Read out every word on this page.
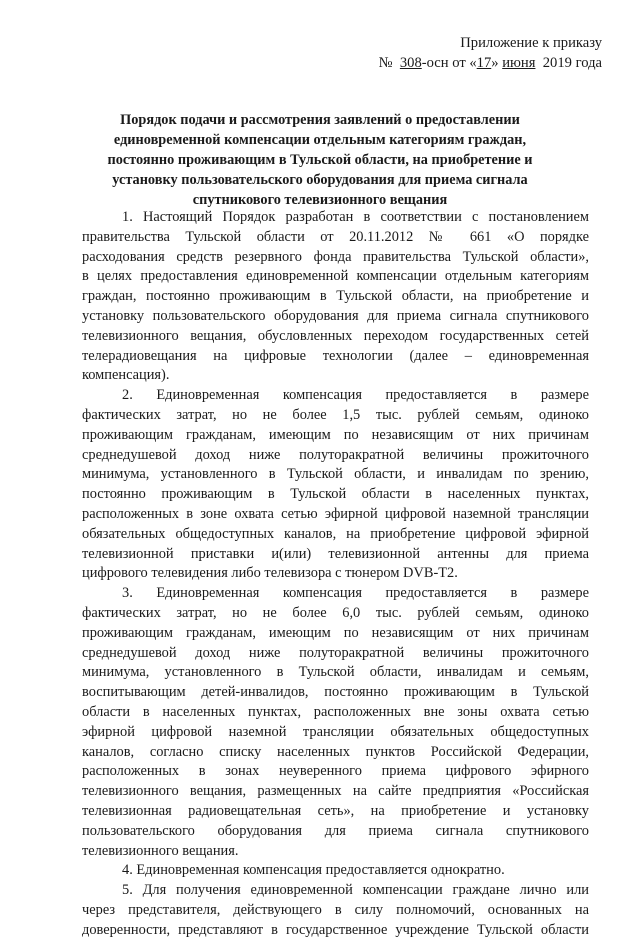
Приложение к приказу
№ 308-осн от «17» июня 2019 года
Порядок подачи и рассмотрения заявлений о предоставлении
единовременной компенсации отдельным категориям граждан,
постоянно проживающим в Тульской области, на приобретение и
установку пользовательского оборудования для приема сигнала
спутникового телевизионного вещания
1. Настоящий Порядок разработан в соответствии с постановлением
правительства Тульской области от 20.11.2012 № 661 «О порядке
расходования средств резервного фонда правительства Тульской области»,
в целях предоставления единовременной компенсации отдельным категориям
граждан, постоянно проживающим в Тульской области, на приобретение и
установку пользовательского оборудования для приема сигнала спутникового
телевизионного вещания, обусловленных переходом государственных сетей
телерадиовещания на цифровые технологии (далее – единовременная
компенсация).
2. Единовременная компенсация предоставляется в размере
фактических затрат, но не более 1,5 тыс. рублей семьям, одиноко
проживающим гражданам, имеющим по независящим от них причинам
среднедушевой доход ниже полуторакратной величины прожиточного
минимума, установленного в Тульской области, и инвалидам по зрению,
постоянно проживающим в Тульской области в населенных пунктах,
расположенных в зоне охвата сетью эфирной цифровой наземной трансляции
обязательных общедоступных каналов, на приобретение цифровой эфирной
телевизионной приставки и(или) телевизионной антенны для приема
цифрового телевидения либо телевизора с тюнером DVB-T2.
3. Единовременная компенсация предоставляется в размере
фактических затрат, но не более 6,0 тыс. рублей семьям, одиноко
проживающим гражданам, имеющим по независящим от них причинам
среднедушевой доход ниже полуторакратной величины прожиточного
минимума, установленного в Тульской области, инвалидам и семьям,
воспитывающим детей-инвалидов, постоянно проживающим в Тульской
области в населенных пунктах, расположенных вне зоны охвата сетью
эфирной цифровой наземной трансляции обязательных общедоступных
каналов, согласно списку населенных пунктов Российской Федерации,
расположенных в зонах неуверенного приема цифрового эфирного
телевизионного вещания, размещенных на сайте предприятия «Российская
телевизионная радиовещательная сеть», на приобретение и установку
пользовательского оборудования для приема сигнала спутникового
телевизионного вещания.
4. Единовременная компенсация предоставляется однократно.
5. Для получения единовременной компенсации граждане лично или
через представителя, действующего в силу полномочий, основанных на
доверенности, представляют в государственное учреждение Тульской области
